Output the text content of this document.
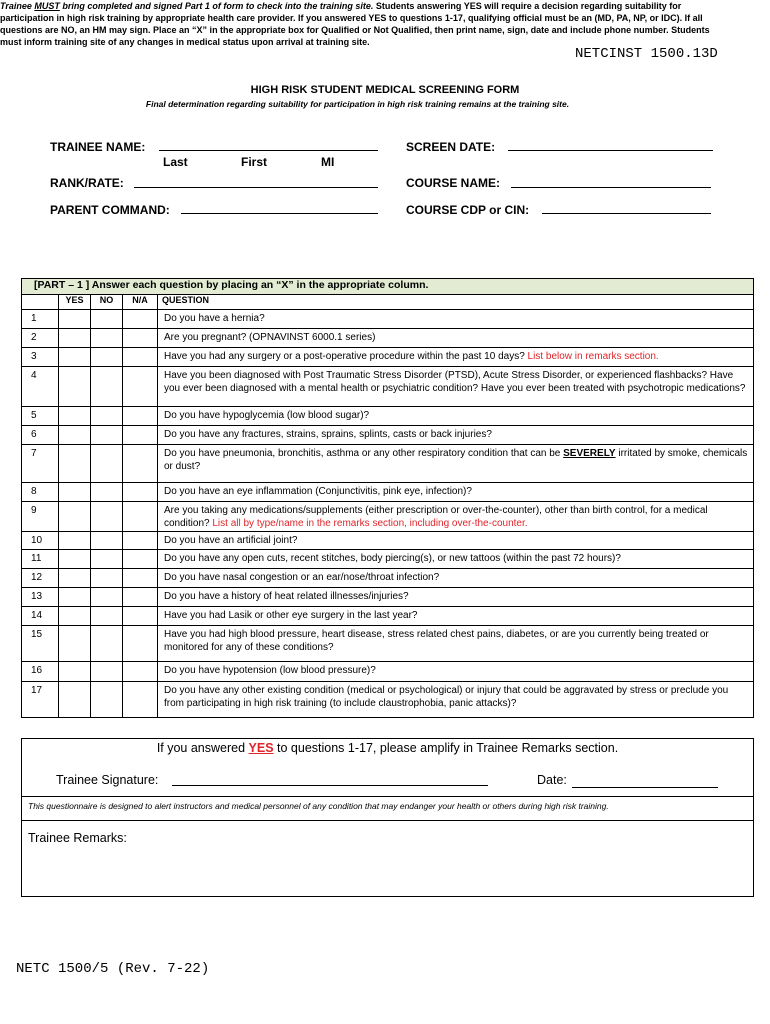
NETCINST 1500.13D
HIGH RISK STUDENT MEDICAL SCREENING FORM
Final determination regarding suitability for participation in high risk training remains at the training site.
TRAINEE NAME:
Last	First	MI
SCREEN DATE:
RANK/RATE:	COURSE NAME:
PARENT COMMAND:	COURSE CDP or CIN:
Trainee MUST bring completed and signed Part 1 of form to check into the training site. Students answering YES will require a decision regarding suitability for participation in high risk training by appropriate health care provider. If you answered YES to questions 1-17, qualifying official must be an (MD, PA, NP, or IDC). If all questions are NO, an HM may sign. Place an “X” in the appropriate box for Qualified or Not Qualified, then print name, sign, date and include phone number. Students must inform training site of any changes in medical status upon arrival at training site.
[PART – 1 ] Answer each question by placing an “X” in the appropriate column.				
	YES	NO	N/A	QUESTION
1				Do you have a hernia?
2				Are you pregnant? (OPNAVINST 6000.1 series)
3				Have you had any surgery or a post-operative procedure within the past 10 days? List below in remarks section.
4				Have you been diagnosed with Post Traumatic Stress Disorder (PTSD), Acute Stress Disorder, or experienced flashbacks? Have you ever been diagnosed with a mental health or psychiatric condition? Have you ever been treated with psychotropic medications?
5				Do you have hypoglycemia (low blood sugar)?
6				Do you have any fractures, strains, sprains, splints, casts or back injuries?
7				Do you have pneumonia, bronchitis, asthma or any other respiratory condition that can be SEVERELY irritated by smoke, chemicals or dust?
8				Do you have an eye inflammation (Conjunctivitis, pink eye, infection)?
9				Are you taking any medications/supplements (either prescription or over-the-counter), other than birth control, for a medical condition? List all by type/name in the remarks section, including over-the-counter.
10				Do you have an artificial joint?
11				Do you have any open cuts, recent stitches, body piercing(s), or new tattoos (within the past 72 hours)?
12				Do you have nasal congestion or an ear/nose/throat infection?
13				Do you have a history of heat related illnesses/injuries?
14				Have you had Lasik or other eye surgery in the last year?
15				Have you had high blood pressure, heart disease, stress related chest pains, diabetes, or are you currently being treated or monitored for any of these conditions?
16				Do you have hypotension (low blood pressure)?
17				Do you have any other existing condition (medical or psychological) or injury that could be aggravated by stress or preclude you from participating in high risk training (to include claustrophobia, panic attacks)?
If you answered YES to questions 1-17, please amplify in Trainee Remarks section.
Trainee Signature:	Date:
This questionnaire is designed to alert instructors and medical personnel of any condition that may endanger your health or others during high risk training.
Trainee Remarks:
NETC 1500/5 (Rev. 7-22)
